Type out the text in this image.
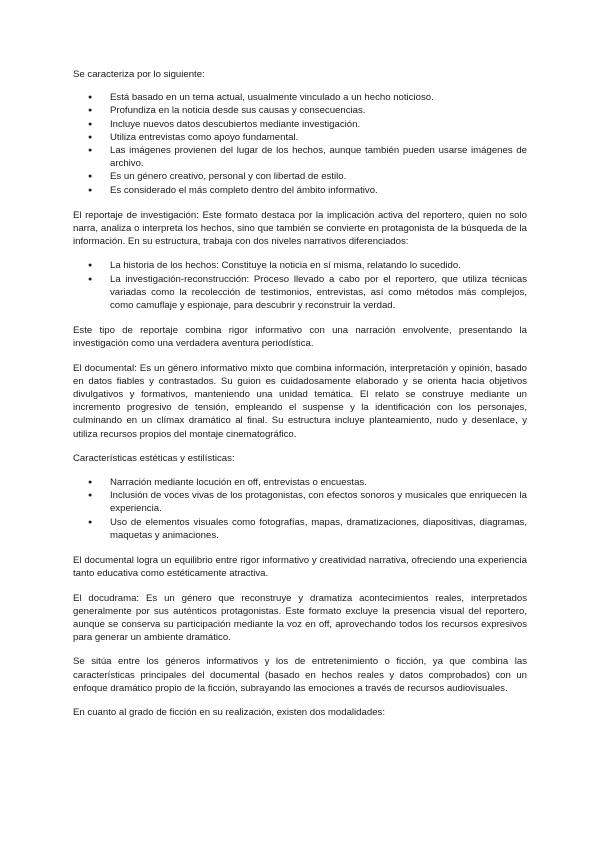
Se caracteriza por lo siguiente:

● Está basado en un tema actual, usualmente vinculado a un hecho noticioso.
● Profundiza en la noticia desde sus causas y consecuencias.
● Incluye nuevos datos descubiertos mediante investigación.
● Utiliza entrevistas como apoyo fundamental.
● Las imágenes provienen del lugar de los hechos, aunque también pueden usarse imágenes de archivo.
● Es un género creativo, personal y con libertad de estilo.
● Es considerado el más completo dentro del ámbito informativo.

El reportaje de investigación: Este formato destaca por la implicación activa del reportero, quien no solo narra, analiza o interpreta los hechos, sino que también se convierte en protagonista de la búsqueda de la información. En su estructura, trabaja con dos niveles narrativos diferenciados:

● La historia de los hechos: Constituye la noticia en sí misma, relatando lo sucedido.
● La investigación-reconstrucción: Proceso llevado a cabo por el reportero, que utiliza técnicas variadas como la recolección de testimonios, entrevistas, así como métodos más complejos, como camuflaje y espionaje, para descubrir y reconstruir la verdad.

Este tipo de reportaje combina rigor informativo con una narración envolvente, presentando la investigación como una verdadera aventura periodística.

El documental: Es un género informativo mixto que combina información, interpretación y opinión, basado en datos fiables y contrastados. Su guion es cuidadosamente elaborado y se orienta hacia objetivos divulgativos y formativos, manteniendo una unidad temática. El relato se construye mediante un incremento progresivo de tensión, empleando el suspense y la identificación con los personajes, culminando en un clímax dramático al final. Su estructura incluye planteamiento, nudo y desenlace, y utiliza recursos propios del montaje cinematográfico.

Características estéticas y estilísticas:

● Narración mediante locución en off, entrevistas o encuestas.
● Inclusión de voces vivas de los protagonistas, con efectos sonoros y musicales que enriquecen la experiencia.
● Uso de elementos visuales como fotografías, mapas, dramatizaciones, diapositivas, diagramas, maquetas y animaciones.

El documental logra un equilibrio entre rigor informativo y creatividad narrativa, ofreciendo una experiencia tanto educativa como estéticamente atractiva.

El docudrama: Es un género que reconstruye y dramatiza acontecimientos reales, interpretados generalmente por sus auténticos protagonistas. Este formato excluye la presencia visual del reportero, aunque se conserva su participación mediante la voz en off, aprovechando todos los recursos expresivos para generar un ambiente dramático.

Se sitúa entre los géneros informativos y los de entretenimiento o ficción, ya que combina las características principales del documental (basado en hechos reales y datos comprobados) con un enfoque dramático propio de la ficción, subrayando las emociones a través de recursos audiovisuales.

En cuanto al grado de ficción en su realización, existen dos modalidades:
